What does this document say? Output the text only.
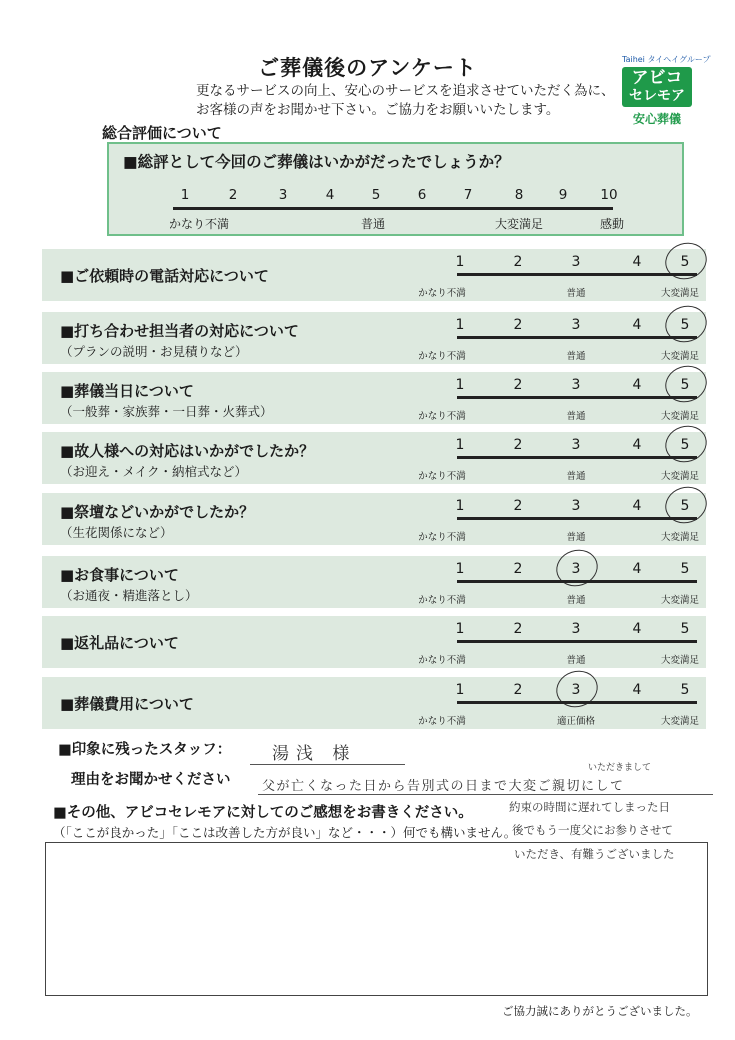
ご葬儀後のアンケート
更なるサービスの向上、安心のサービスを追求させていただく為に、
お客様の声をお聞かせ下さい。ご協力をお願いいたします。
Taihei タイヘイグループ
アビコ
セレモア
安心葬儀
総合評価について
■総評として今回のご葬儀はいかがだったでしょうか？
1	2	3	4	5	6	7	8	9 10
かなり不満	普通	大変満足	感動
■ご依頼時の電話対応について
1	2	3	4	5
かなり不満	普通	大変満足
■打ち合わせ担当者の対応について
（プランの説明・お見積りなど）
1	2	3	4	5
かなり不満	普通	大変満足
■葬儀当日について
（一般葬・家族葬・一日葬・火葬式）
1	2	3	4	5
かなり不満	普通	大変満足
■故人様への対応はいかがでしたか？
（お迎え・メイク・納棺式など）
1	2	3	4	5
かなり不満	普通	大変満足
■祭壇などいかがでしたか？
（生花関係になど）
1	2	3	4	5
かなり不満	普通	大変満足
■お食事について
（お通夜・精進落とし）
1	2	3	4	5
かなり不満	普通	大変満足
■返礼品について
1	2	3	4	5
かなり不満	普通	大変満足
■葬儀費用について
1	2	3	4	5
かなり不満	適正価格	大変満足
■印象に残ったスタッフ： 湯浅 様
理由をお聞かせください
いただきまして
父が亡くなった日から告別式の日まで大変ご親切にして
■その他、アビコセレモアに対してのご感想をお書きください。	約束の時間に遅れてしまった日
（「ここが良かった」「ここは改善した方が良い」など・・・）何でも構いません。
後でもう一度父にお参りさせて
いただき、有難うございました
ご協力誠にありがとうございました。
